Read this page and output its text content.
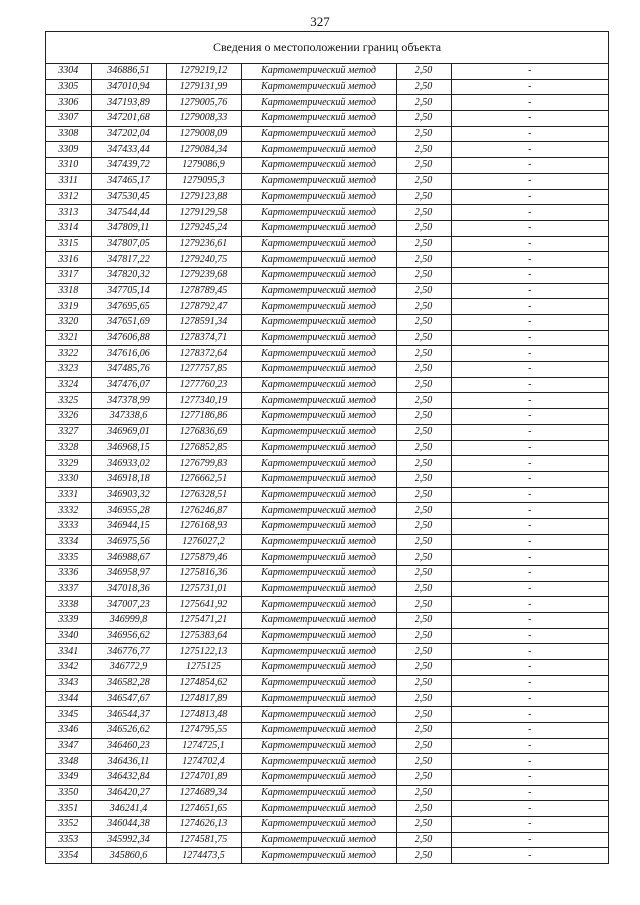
327
Сведения о местоположении границ объекта
3304	346886,51	1279219,12	Картометрический метод	2,50	-
3305	347010,94	1279131,99	Картометрический метод	2,50	-
3306	347193,89	1279005,76	Картометрический метод	2,50	-
3307	347201,68	1279008,33	Картометрический метод	2,50	-
3308	347202,04	1279008,09	Картометрический метод	2,50	-
3309	347433,44	1279084,34	Картометрический метод	2,50	-
3310	347439,72	1279086,9	Картометрический метод	2,50	-
3311	347465,17	1279095,3	Картометрический метод	2,50	-
3312	347530,45	1279123,88	Картометрический метод	2,50	-
3313	347544,44	1279129,58	Картометрический метод	2,50	-
3314	347809,11	1279245,24	Картометрический метод	2,50	-
3315	347807,05	1279236,61	Картометрический метод	2,50	-
3316	347817,22	1279240,75	Картометрический метод	2,50	-
3317	347820,32	1279239,68	Картометрический метод	2,50	-
3318	347705,14	1278789,45	Картометрический метод	2,50	-
3319	347695,65	1278792,47	Картометрический метод	2,50	-
3320	347651,69	1278591,34	Картометрический метод	2,50	-
3321	347606,88	1278374,71	Картометрический метод	2,50	-
3322	347616,06	1278372,64	Картометрический метод	2,50	-
3323	347485,76	1277757,85	Картометрический метод	2,50	-
3324	347476,07	1277760,23	Картометрический метод	2,50	-
3325	347378,99	1277340,19	Картометрический метод	2,50	-
3326	347338,6	1277186,86	Картометрический метод	2,50	-
3327	346969,01	1276836,69	Картометрический метод	2,50	-
3328	346968,15	1276852,85	Картометрический метод	2,50	-
3329	346933,02	1276799,83	Картометрический метод	2,50	-
3330	346918,18	1276662,51	Картометрический метод	2,50	-
3331	346903,32	1276328,51	Картометрический метод	2,50	-
3332	346955,28	1276246,87	Картометрический метод	2,50	-
3333	346944,15	1276168,93	Картометрический метод	2,50	-
3334	346975,56	1276027,2	Картометрический метод	2,50	-
3335	346988,67	1275879,46	Картометрический метод	2,50	-
3336	346958,97	1275816,36	Картометрический метод	2,50	-
3337	347018,36	1275731,01	Картометрический метод	2,50	-
3338	347007,23	1275641,92	Картометрический метод	2,50	-
3339	346999,8	1275471,21	Картометрический метод	2,50	-
3340	346956,62	1275383,64	Картометрический метод	2,50	-
3341	346776,77	1275122,13	Картометрический метод	2,50	-
3342	346772,9	1275125	Картометрический метод	2,50	-
3343	346582,28	1274854,62	Картометрический метод	2,50	-
3344	346547,67	1274817,89	Картометрический метод	2,50	-
3345	346544,37	1274813,48	Картометрический метод	2,50	-
3346	346526,62	1274795,55	Картометрический метод	2,50	-
3347	346460,23	1274725,1	Картометрический метод	2,50	-
3348	346436,11	1274702,4	Картометрический метод	2,50	-
3349	346432,84	1274701,89	Картометрический метод	2,50	-
3350	346420,27	1274689,34	Картометрический метод	2,50	-
3351	346241,4	1274651,65	Картометрический метод	2,50	-
3352	346044,38	1274626,13	Картометрический метод	2,50	-
3353	345992,34	1274581,75	Картометрический метод	2,50	-
3354	345860,6	1274473,5	Картометрический метод	2,50	-
